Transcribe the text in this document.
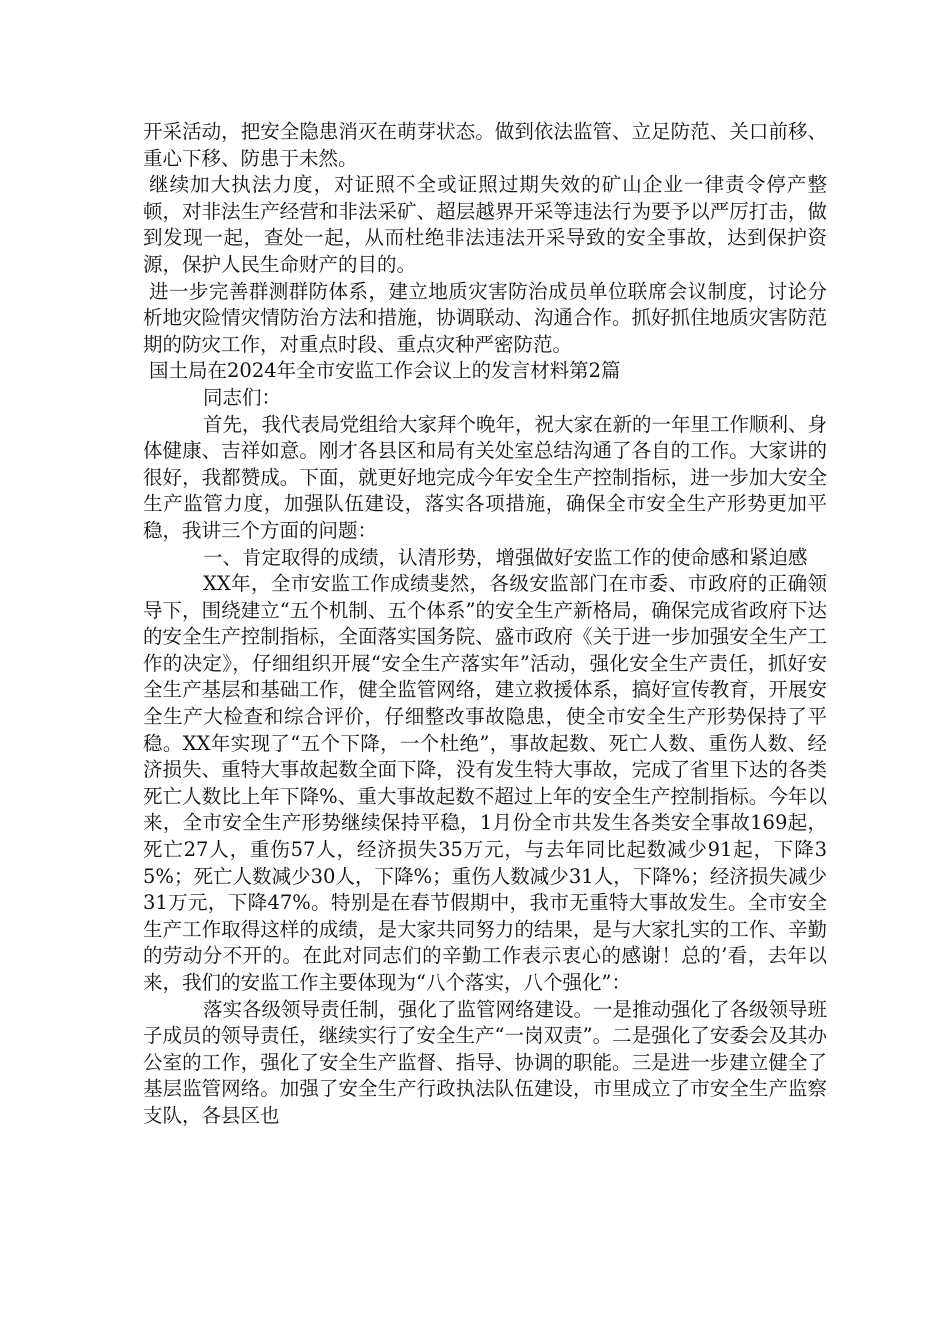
开采活动，把安全隐患消灭在萌芽状态。做到依法监管、立足防范、关口前移、重心下移、防患于未然。

继续加大执法力度，对证照不全或证照过期失效的矿山企业一律责令停产整顿，对非法生产经营和非法采矿、超层越界开采等违法行为要予以严厉打击，做到发现一起，查处一起，从而杜绝非法违法开采导致的安全事故，达到保护资源，保护人民生命财产的目的。

进一步完善群测群防体系，建立地质灾害防治成员单位联席会议制度，讨论分析地灾险情灾情防治方法和措施，协调联动、沟通合作。抓好抓住地质灾害防范期的防灾工作，对重点时段、重点灾种严密防范。

国土局在2024年全市安监工作会议上的发言材料第2篇

同志们：

首先，我代表局党组给大家拜个晚年，祝大家在新的一年里工作顺利、身体健康、吉祥如意。刚才各县区和局有关处室总结沟通了各自的工作。大家讲的很好，我都赞成。下面，就更好地完成今年安全生产控制指标，进一步加大安全生产监管力度，加强队伍建设，落实各项措施，确保全市安全生产形势更加平稳，我讲三个方面的问题：

一、肯定取得的成绩，认清形势，增强做好安监工作的使命感和紧迫感

XX年，全市安监工作成绩斐然，各级安监部门在市委、市政府的正确领导下，围绕建立“五个机制、五个体系”的安全生产新格局，确保完成省政府下达的安全生产控制指标，全面落实国务院、盛市政府《关于进一步加强安全生产工作的决定》，仔细组织开展“安全生产落实年”活动，强化安全生产责任，抓好安全生产基层和基础工作，健全监管网络，建立救援体系，搞好宣传教育，开展安全生产大检查和综合评价，仔细整改事故隐患，使全市安全生产形势保持了平稳。XX年实现了“五个下降，一个杜绝”，事故起数、死亡人数、重伤人数、经济损失、重特大事故起数全面下降，没有发生特大事故，完成了省里下达的各类死亡人数比上年下降%、重大事故起数不超过上年的安全生产控制指标。今年以来，全市安全生产形势继续保持平稳，1月份全市共发生各类安全事故169起，死亡27人，重伤57人，经济损失35万元，与去年同比起数减少91起，下降35%；死亡人数减少30人，下降%；重伤人数减少31人，下降%；经济损失减少31万元，下降47%。特别是在春节假期中，我市无重特大事故发生。全市安全生产工作取得这样的成绩，是大家共同努力的结果，是与大家扎实的工作、辛勤的劳动分不开的。在此对同志们的辛勤工作表示衷心的感谢！总的’看，去年以来，我们的安监工作主要体现为“八个落实，八个强化”：

落实各级领导责任制，强化了监管网络建设。一是推动强化了各级领导班子成员的领导责任，继续实行了安全生产“一岗双责”。二是强化了安委会及其办公室的工作，强化了安全生产监督、指导、协调的职能。三是进一步建立健全了基层监管网络。加强了安全生产行政执法队伍建设，市里成立了市安全生产监察支队，各县区也
